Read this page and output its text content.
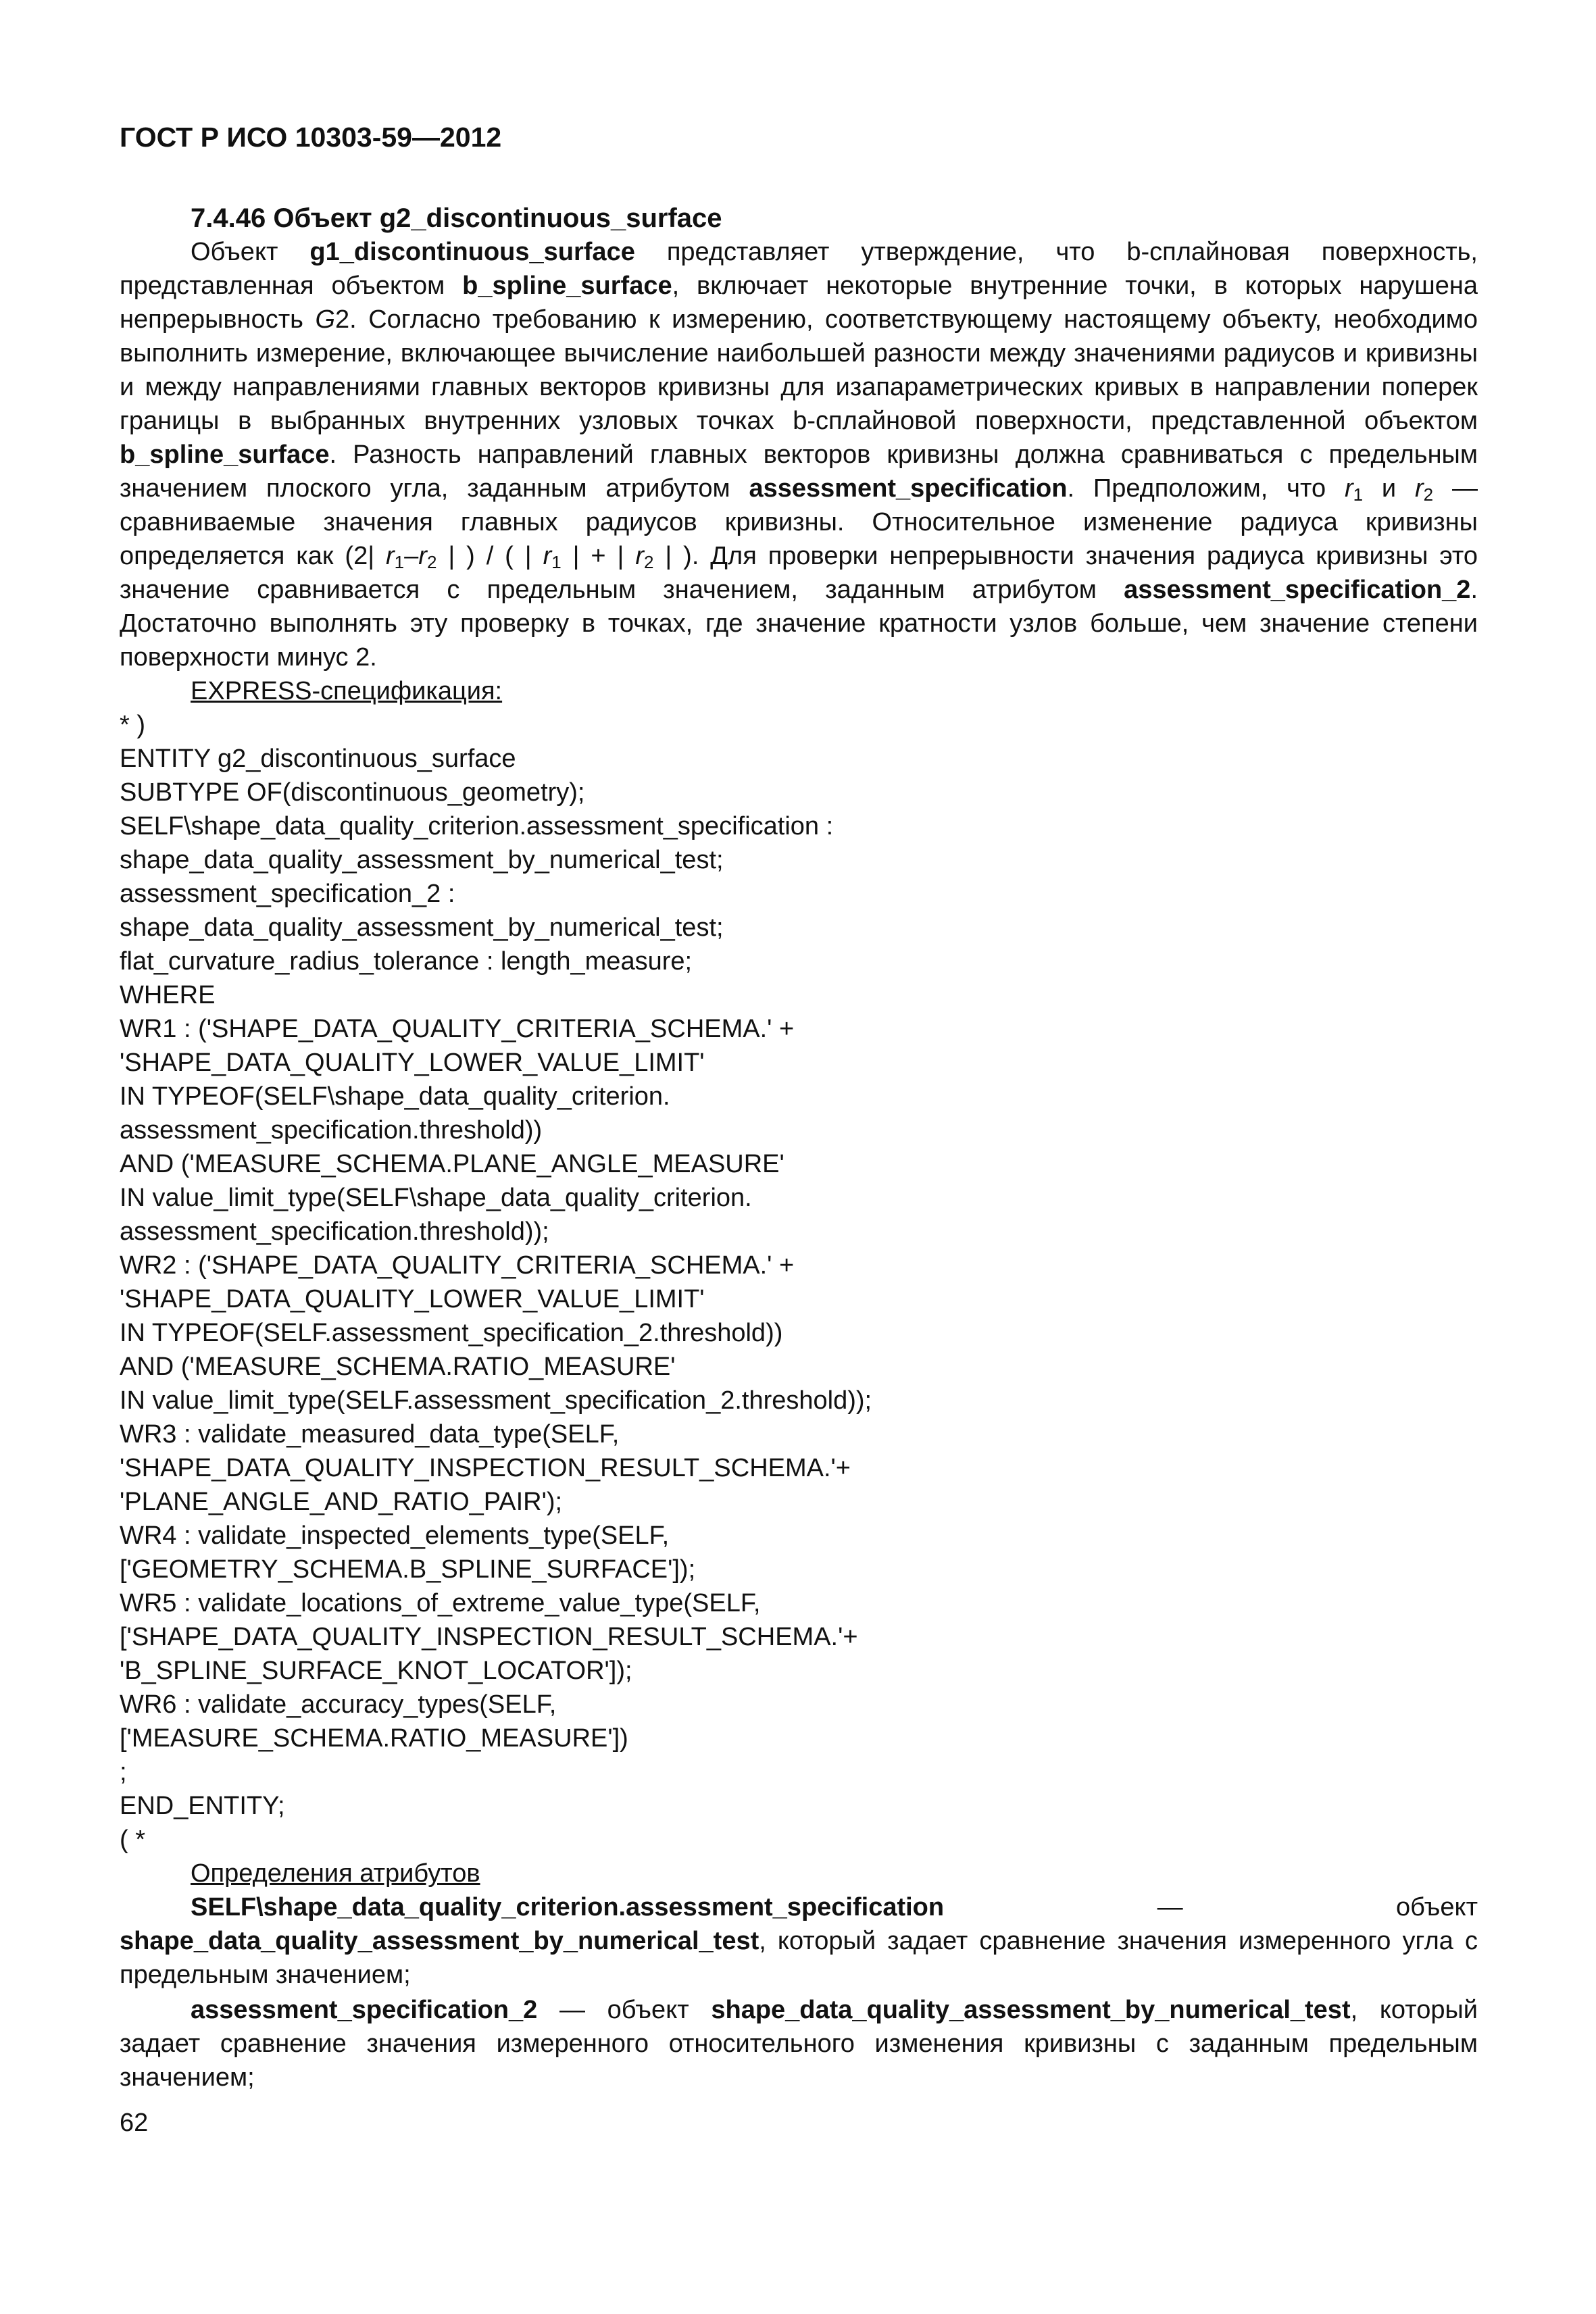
ГОСТ Р ИСО 10303-59—2012
7.4.46 Объект g2_discontinuous_surface

Объект g1_discontinuous_surface представляет утверждение, что b-сплайновая поверхность, представленная объектом b_spline_surface, включает некоторые внутренние точки, в которых нарушена непрерывность G2. Согласно требованию к измерению, соответствующему настоящему объекту, необходимо выполнить измерение, включающее вычисление наибольшей разности между значениями радиусов и кривизны и между направлениями главных векторов кривизны для изапараметрических кривых в направлении поперек границы в выбранных внутренних узловых точках b-сплайновой поверхности, представленной объектом b_spline_surface. Разность направлений главных векторов кривизны должна сравниваться с предельным значением плоского угла, заданным атрибутом assessment_specification. Предположим, что $r_1$ и $r_2$ — сравниваемые значения главных радиусов кривизны. Относительное изменение радиуса кривизны определяется как (2| $r_1-r_2$ | ) / ( | $r_1$ | + | $r_2$ | ). Для проверки непрерывности значения радиуса кривизны это значение сравнивается с предельным значением, заданным атрибутом assessment_specification_2. Достаточно выполнять эту проверку в точках, где значение кратности узлов больше, чем значение степени поверхности минус 2.

EXPRESS-спецификация:

* )
ENTITY g2_discontinuous_surface
SUBTYPE OF(discontinuous_geometry);
SELF\shape_data_quality_criterion.assessment_specification :
shape_data_quality_assessment_by_numerical_test;
assessment_specification_2 :
shape_data_quality_assessment_by_numerical_test;
flat_curvature_radius_tolerance : length_measure;
WHERE
WR1 : ('SHAPE_DATA_QUALITY_CRITERIA_SCHEMA.' +
'SHAPE_DATA_QUALITY_LOWER_VALUE_LIMIT'
IN TYPEOF(SELF\shape_data_quality_criterion.
assessment_specification.threshold))
AND ('MEASURE_SCHEMA.PLANE_ANGLE_MEASURE'
IN value_limit_type(SELF\shape_data_quality_criterion.
assessment_specification.threshold));
WR2 : ('SHAPE_DATA_QUALITY_CRITERIA_SCHEMA.' +
'SHAPE_DATA_QUALITY_LOWER_VALUE_LIMIT'
IN TYPEOF(SELF.assessment_specification_2.threshold))
AND ('MEASURE_SCHEMA.RATIO_MEASURE'
IN value_limit_type(SELF.assessment_specification_2.threshold));
WR3 : validate_measured_data_type(SELF,
'SHAPE_DATA_QUALITY_INSPECTION_RESULT_SCHEMA.'+
'PLANE_ANGLE_AND_RATIO_PAIR');
WR4 : validate_inspected_elements_type(SELF,
['GEOMETRY_SCHEMA.B_SPLINE_SURFACE']);
WR5 : validate_locations_of_extreme_value_type(SELF,
['SHAPE_DATA_QUALITY_INSPECTION_RESULT_SCHEMA.'+
'B_SPLINE_SURFACE_KNOT_LOCATOR']);
WR6 : validate_accuracy_types(SELF,
['MEASURE_SCHEMA.RATIO_MEASURE'])
;
END_ENTITY;
( *

Определения атрибутов

SELF\shape_data_quality_criterion.assessment_specification — объект shape_data_quality_assessment_by_numerical_test, который задает сравнение значения измеренного угла с предельным значением;

assessment_specification_2 — объект shape_data_quality_assessment_by_numerical_test, который задает сравнение значения измеренного относительного изменения кривизны с заданным предельным значением;

62
